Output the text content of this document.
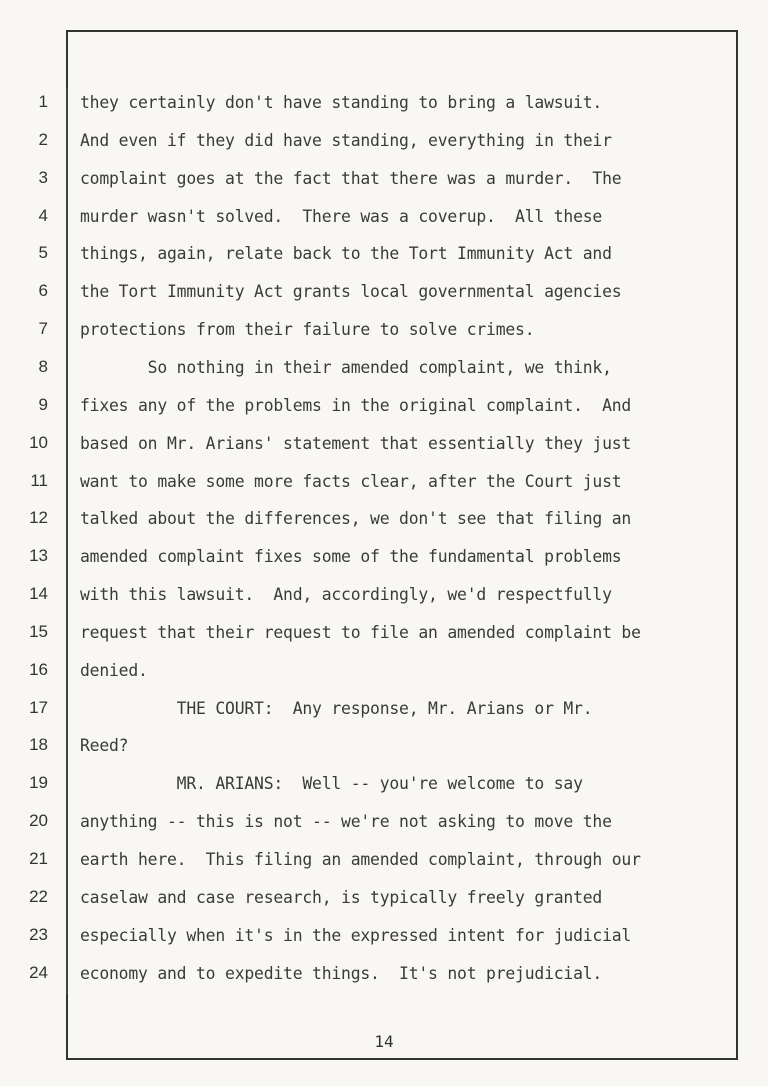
1 they certainly don't have standing to bring a lawsuit.
2 And even if they did have standing, everything in their
3 complaint goes at the fact that there was a murder.  The
4 murder wasn't solved.  There was a coverup.  All these
5 things, again, relate back to the Tort Immunity Act and
6 the Tort Immunity Act grants local governmental agencies
7 protections from their failure to solve crimes.
8 So nothing in their amended complaint, we think,
9 fixes any of the problems in the original complaint.  And
10 based on Mr. Arians' statement that essentially they just
11 want to make some more facts clear, after the Court just
12 talked about the differences, we don't see that filing an
13 amended complaint fixes some of the fundamental problems
14 with this lawsuit.  And, accordingly, we'd respectfully
15 request that their request to file an amended complaint be
16 denied.
17 THE COURT:  Any response, Mr. Arians or Mr.
18 Reed?
19 MR. ARIANS:  Well -- you're welcome to say
20 anything -- this is not -- we're not asking to move the
21 earth here.  This filing an amended complaint, through our
22 caselaw and case research, is typically freely granted
23 especially when it's in the expressed intent for judicial
24 economy and to expedite things.  It's not prejudicial.
14
